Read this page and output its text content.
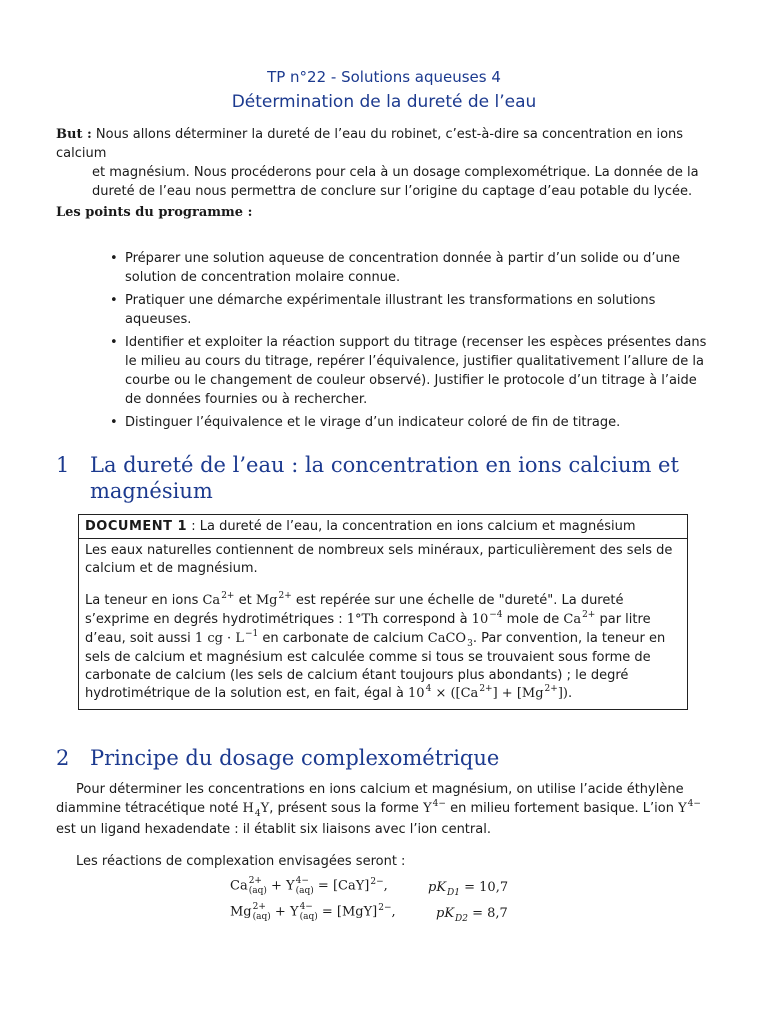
TP n°22 - Solutions aqueuses 4
Détermination de la dureté de l’eau

But : Nous allons déterminer la dureté de l’eau du robinet, c’est-à-dire sa concentration en ions calcium

et magnésium. Nous procéderons pour cela à un dosage complexométrique. La donnée de la dureté de l’eau nous permettra de conclure sur l’origine du captage d’eau potable du lycée.
Les points du programme :
• Préparer une solution aqueuse de concentration donnée à partir d’un solide ou d’une solution de concentration molaire connue.
• Pratiquer une démarche expérimentale illustrant les transformations en solutions aqueuses.
• Identifier et exploiter la réaction support du titrage (recenser les espèces présentes dans le milieu au cours du titrage, repérer l’équivalence, justifier qualitativement l’allure de la courbe ou le changement de couleur observé). Justifier le protocole d’un titrage à l’aide de données fournies ou à rechercher.
• Distinguer l’équivalence et le virage d’un indicateur coloré de fin de titrage.
1 La dureté de l’eau : la concentration en ions calcium et magnésium
DOCUMENT 1 : La dureté de l’eau, la concentration en ions calcium et magnésium

Les eaux naturelles contiennent de nombreux sels minéraux, particulièrement des sels de calcium et de magnésium.

La teneur en ions $Ca^{2+}$ et $Mg^{2+}$ est repérée sur une échelle de "dureté". La dureté s’exprime en degrés hydrotimétriques : 1°Th correspond à $10^{-4}$ mole de $Ca^{2+}$ par litre d’eau, soit aussi 1 cg · $L^{-1}$ en carbonate de calcium CaCO$_3$. Par convention, la teneur en sels de calcium et magnésium est calculée comme si tous se trouvaient sous forme de carbonate de calcium (les sels de calcium étant toujours plus abondants) ; le degré hydrotimétrique de la solution est, en fait, égal à $10^4 \times ([Ca^{2+}] + [Mg^{2+}])$.

2 Principe du dosage complexométrique

Pour déterminer les concentrations en ions calcium et magnésium, on utilise l’acide éthylène diammine tétracétique noté $H_4Y$, présent sous la forme $Y^{4-}$ en milieu fortement basique. L’ion $Y^{4-}$ est un ligand hexadendate : il établit six liaisons avec l’ion central.

Les réactions de complexation envisagées seront :

Ca 2+
(aq) + Y 4−
(aq) = [CaY]$^{2-}$,	$pK_{D1} = 10,7$
Mg 2+
(aq) + Y 4−
(aq) = [MgY]$^{2-}$,	$pK_{D2} = 8,7$
